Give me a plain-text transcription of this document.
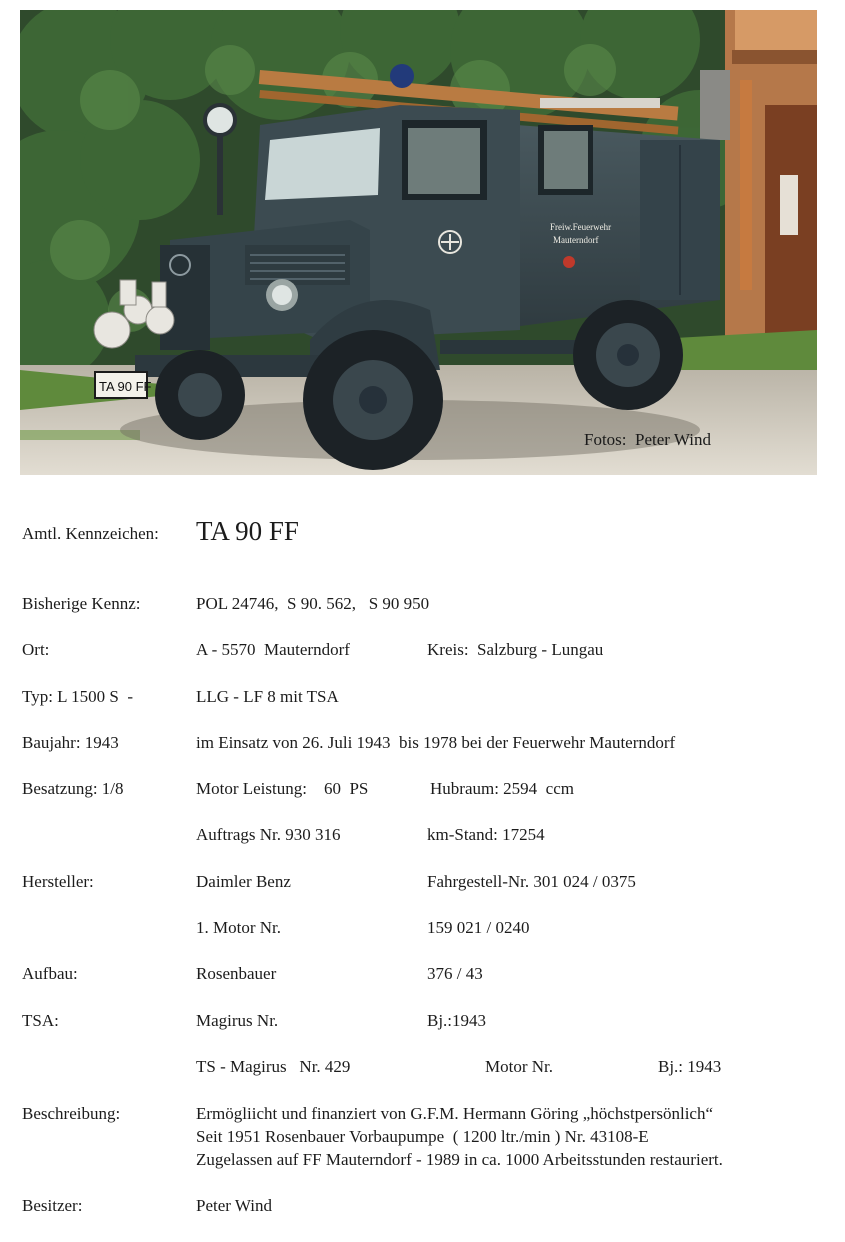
Freiw.Feuerwehr
Mauterndorf
TA 90 FF
Fotos:  Peter Wind
Amtl. Kennzeichen: TA 90 FF
Bisherige Kennz:	POL 24746,  S 90. 562,   S 90 950
Ort:	A - 5570  Mauterndorf	Kreis:  Salzburg - Lungau
Typ: L 1500 S  -	LLG - LF 8 mit TSA
Baujahr: 1943	im Einsatz von 26. Juli 1943  bis 1978 bei der Feuerwehr Mauterndorf
Besatzung: 1/8	Motor Leistung:    60  PS	Hubraum: 2594  ccm
Auftrags Nr. 930 316	km-Stand: 17254
Hersteller:	Daimler Benz	Fahrgestell-Nr. 301 024 / 0375
1. Motor Nr.	159 021 / 0240
Aufbau:	Rosenbauer	376 / 43
TSA:	Magirus Nr.	Bj.:1943
TS - Magirus   Nr. 429	Motor Nr.	Bj.: 1943
Beschreibung:	Ermögliicht und finanziert von G.F.M. Hermann Göring „höchstpersönlich“
Seit 1951 Rosenbauer Vorbaupumpe  ( 1200 ltr./min ) Nr. 43108-E
Zugelassen auf FF Mauterndorf - 1989 in ca. 1000 Arbeitsstunden restauriert.
Besitzer:	Peter Wind
